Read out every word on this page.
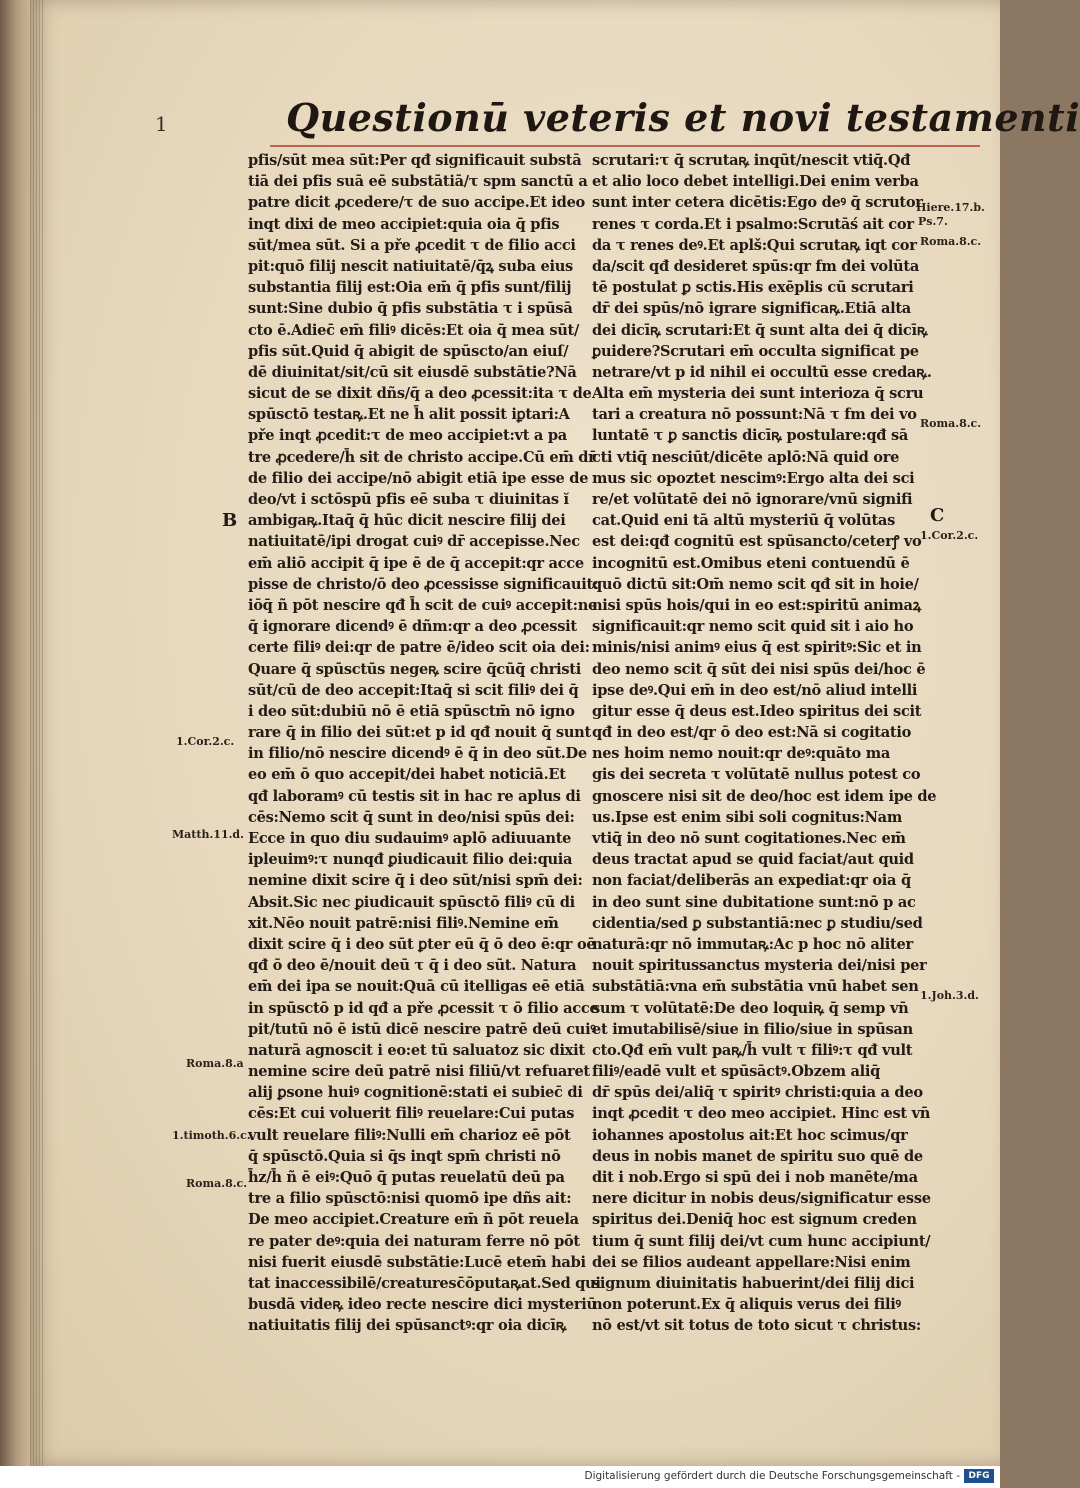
1	Questionū veteris et novi testamenti
pfis/sūt mea sūt:Per qđ significauit substā
tiā dei pfis suā eē substātiā/τ spm sanctū a
patre dicit ꝓcedere/τ de suo accipe.Et ideo
inqt dixi de meo accipiet:quia oia q̄ pfis
sūt/mea sūt. Si a pře ꝓcedit τ de filio acci
pit:quō filij nescit natiuitatē/q̄ꝝ suba eius
substantia filij est:Oia em̄ q̄ pfis sunt/filij
sunt:Sine dubio q̄ pfis substātia τ i spūsā
cto ē.Adiec̄ em̄ filiꝰ dicēs:Et oia q̄ mea sūt/
pfis sūt.Quid q̄ abigit de spūscto/an eiuſ/
dē diuinitat/sit/cū sit eiusdē substātie?Nā
sicut de se dixit dñs/q̄ a deo ꝓcessit:ita τ de
spūsctō testaꝶ.Et ne h̄ alit possit iꝑtari:A
pře inqt ꝓcedit:τ de meo accipiet:vt a pa
tre ꝓcedere/h̄ sit de christo accipe.Cū em̄ dr̄
de filio dei accipe/nō abigit etiā ipe esse de
deo/vt i sctōspū pfis eē suba τ diuinitas ĭ
ambigaꝶ.Itaq̄ q̄ hūc dicit nescire filij dei
natiuitatē/ipi drogat cuiꝰ dr̄ accepisse.Nec
em̄ aliō accipit q̄ ipe ē de q̄ accepit:qr acce
pisse de christo/ō deo ꝓcessisse significauit:
iōq̄ ñ pōt nescire qđ h̄ scit de cuiꝰ accepit:ne
q̄ ignorare dicendꝰ ē dñm:qr a deo ꝓcessit
certe filiꝰ dei:qr de patre ē/ideo scit oia dei:
Quare q̄ spūsctūs negeꝶ scire q̄cūq̄ christi
sūt/cū de deo accepit:Itaq̄ si scit filiꝰ dei q̄
i deo sūt:dubiū nō ē etiā spūsctm̄ nō igno
rare q̄ in filio dei sūt:et p id qđ nouit q̄ sunt
in filio/nō nescire dicendꝰ ē q̄ in deo sūt.De
eo em̄ ō quo accepit/dei habet noticiā.Et
qđ laboramꝰ cū testis sit in hac re aplus di
cēs:Nemo scit q̄ sunt in deo/nisi spūs dei:
Ecce in quo diu sudauimꝰ aplō adiuuante
ipleuimꝰ:τ nunqđ ꝑiudicauit filio dei:quia
nemine dixit scire q̄ i deo sūt/nisi spm̄ dei:
Absit.Sic nec ꝑiudicauit spūsctō filiꝰ cū di
xit.Nēo nouit patrē:nisi filiꝰ.Nemine em̄
dixit scire q̄ i deo sūt ꝑter eū q̄ ō deo ē:qr oē
qđ ō deo ē/nouit deū τ q̄ i deo sūt. Natura
em̄ dei ipa se nouit:Quā cū itelligas eē etiā
in spūsctō p id qđ a pře ꝓcessit τ ō filio acce
pit/tutū nō ē istū dicē nescire patrē deū cuiꝰ
naturā agnoscit i eo:et tū saluatoz sic dixit
nemine scire deū patrē nisi filiū/vt refuaret
alij ꝑsone huiꝰ cognitionē:stati ei subiec̄ di
cēs:Et cui voluerit filiꝰ reuelare:Cui putas
vult reuelare filiꝰ:Nulli em̄ charioz eē pōt
q̄ spūsctō.Quia si q̄s inqt spm̄ christi nō
h̄z/h̄ ñ ē eiꝰ:Quō q̄ putas reuelatū deū pa
tre a filio spūsctō:nisi quomō ipe dñs ait:
De meo accipiet.Creature em̄ ñ pōt reuela
re pater deꝰ:quia dei naturam ferre nō pōt
nisi fuerit eiusdē substātie:Lucē etem̄ habi
tat inaccessibilē/creaturesc̄ōputaꝶat.Sed qui
busdā videꝶ ideo recte nescire dici mysteriū
natiuitatis filij dei spūsanctꝰ:qr oia dicīꝶ
scrutari:τ q̄ scrutaꝶ inqūt/nescit vtiq̄.Qđ
et alio loco debet intelligi.Dei enim verba
sunt inter cetera dicētis:Ego deꝰ q̄ scrutor
renes τ corda.Et i psalmo:Scrutāś ait cor
da τ renes deꝰ.Et aplš:Qui scrutaꝶ iqt cor
da/scit qđ desideret spūs:qr fm dei volūta
tē postulat ꝑ sctis.His exēplis cū scrutari
dr̄ dei spūs/nō igrare significaꝶ.Etiā alta
dei dicīꝶ scrutari:Et q̄ sunt alta dei q̄ dicīꝶ
ꝑuidere?Scrutari em̄ occulta significat pe
netrare/vt p id nihil ei occultū esse credaꝶ.
Alta em̄ mysteria dei sunt interioza q̄ scru
tari a creatura nō possunt:Nā τ fm dei vo
luntatē τ ꝑ sanctis dicīꝶ postulare:qđ sā
cti vtiq̄ nesciūt/dicēte aplō:Nā quid ore
mus sic opoztet nescimꝰ:Ergo alta dei sci
re/et volūtatē dei nō ignorare/vnū signifi
cat.Quid eni tā altū mysteriū q̄ volūtas
est dei:qđ cognitū est spūsancto/ceterꝭ vo
incognitū est.Omibus eteni contuendū ē
quō dictū sit:Om̄ nemo scit qđ sit in hoie/
nisi spūs hois/qui in eo est:spiritū animaꝝ
significauit:qr nemo scit quid sit i aio ho
minis/nisi animꝰ eius q̄ est spiritꝰ:Sic et in
deo nemo scit q̄ sūt dei nisi spūs dei/hoc ē
ipse deꝰ.Qui em̄ in deo est/nō aliud intelli
gitur esse q̄ deus est.Ideo spiritus dei scit
qđ in deo est/qr ō deo est:Nā si cogitatio
nes hoim nemo nouit:qr deꝰ:quāto ma
gis dei secreta τ volūtatē nullus potest co
gnoscere nisi sit de deo/hoc est idem ipe de
us.Ipse est enim sibi soli cognitus:Nam
vtiq̄ in deo nō sunt cogitationes.Nec em̄
deus tractat apud se quid faciat/aut quid
non faciat/deliberās an expediat:qr oia q̄
in deo sunt sine dubitatione sunt:nō p ac
cidentia/sed ꝑ substantiā:nec ꝑ studiu/sed
naturā:qr nō immutaꝶ:Ac p hoc nō aliter
nouit spiritussanctus mysteria dei/nisi per
substātiā:vna em̄ substātia vnū habet sen
sum τ volūtatē:De deo loquiꝶ q̄ semp vn̄
et imutabilisē/siue in filio/siue in spūsan
cto.Qđ em̄ vult paꝶ/h̄ vult τ filiꝰ:τ qđ vult
filiꝰ/eadē vult et spūsāctꝰ.Obzem aliq̄
dr̄ spūs dei/aliq̄ τ spiritꝰ christi:quia a deo
inqt ꝓcedit τ deo meo accipiet. Hinc est vn̄
iohannes apostolus ait:Et hoc scimus/qr
deus in nobis manet de spiritu suo quē de
dit i nob.Ergo si spū dei i nob manēte/ma
nere dicitur in nobis deus/significatur esse
spiritus dei.Deniq̄ hoc est signum creden
tium q̄ sunt filij dei/vt cum hunc accipiunt/
dei se filios audeant appellare:Nisi enim
signum diuinitatis habuerint/dei filij dici
non poterunt.Ex q̄ aliquis verus dei filiꝰ
nō est/vt sit totus de toto sicut τ christus:
B
1.Cor.2.c.
Matth.11.d.
Roma.8.a
1.timoth.6.c.
Roma.8.c.
Hiere.17.b.
Ps.7.
Roma.8.c.
Roma.8.c.
C
1.Cor.2.c.
1.Joh.3.d.
Digitalisierung gefördert durch die Deutsche Forschungsgemeinschaft - DFG
